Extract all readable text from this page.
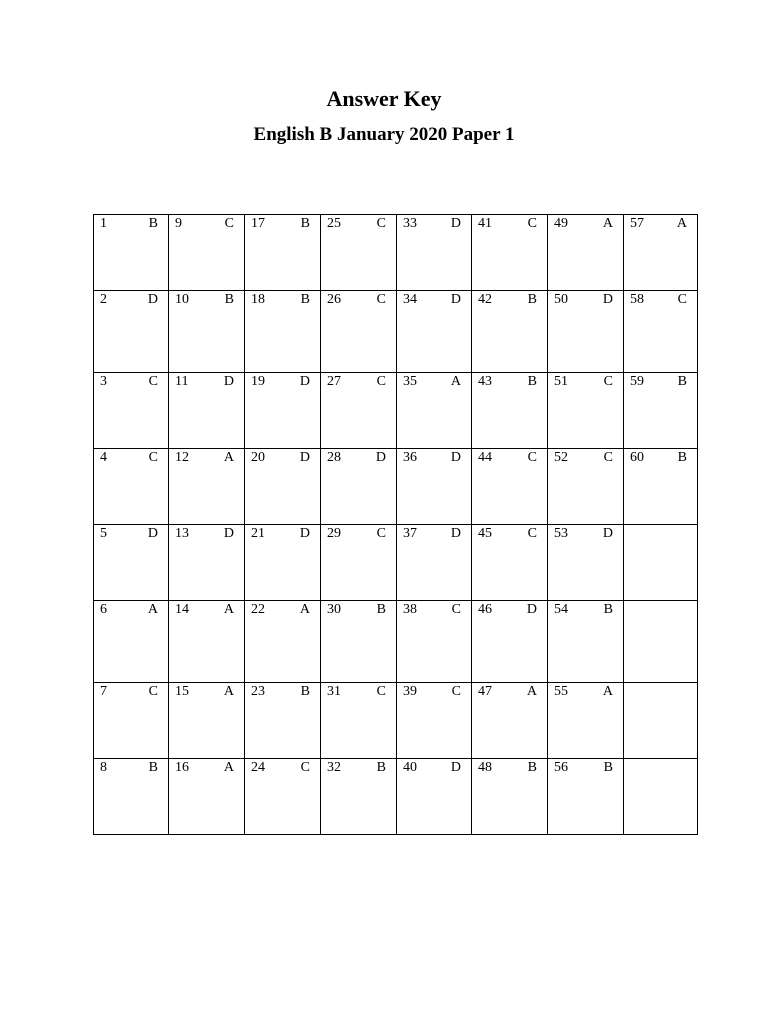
Answer Key
English B January 2020 Paper 1
1 B	9 C	17 B	25 C	33 D	41 C	49 A	57 A

2 D	10 B	18 B	26 C	34 D	42 B	50 D	58 C

3 C	11 D	19 D	27 C	35 A	43 B	51 C	59 B

4 C	12 A	20 D	28 D	36 D	44 C	52 C	60 B

5 D	13 D	21 D	29 C	37 D	45 C	53 D	

6 A	14 A	22 A	30 B	38 C	46 D	54 B	

7 C	15 A	23 B	31 C	39 C	47 A	55 A	

8 B	16 A	24 C	32 B	40 D	48 B	56 B	
